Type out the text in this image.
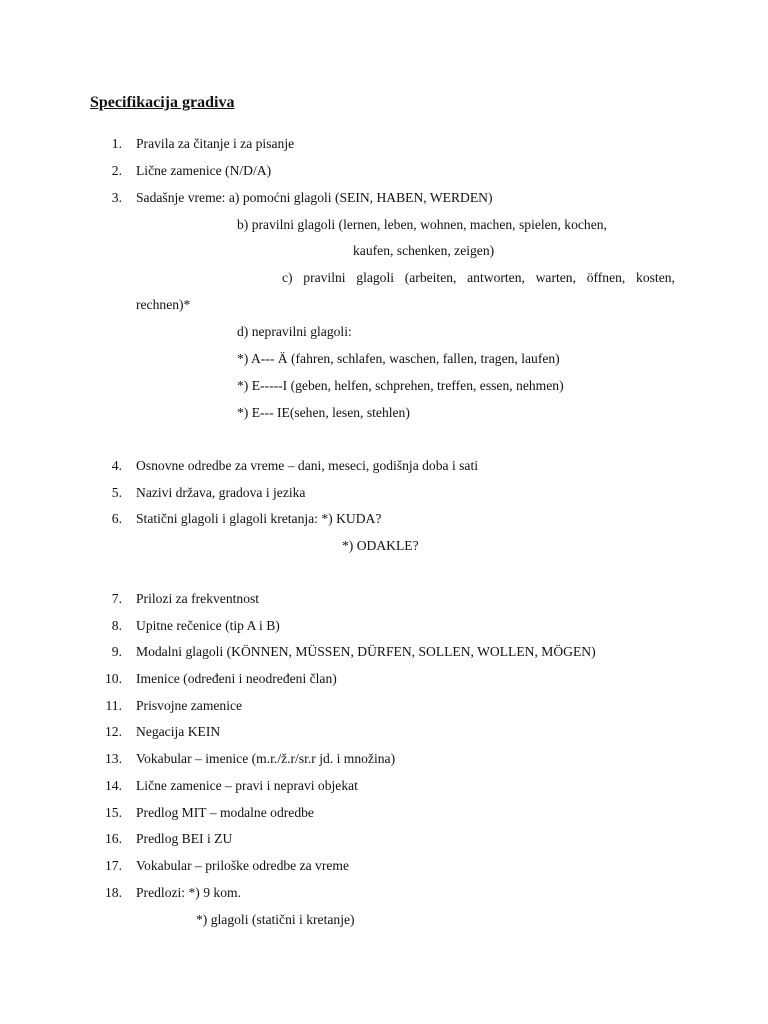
Specifikacija gradiva
1. Pravila za čitanje i za pisanje
2. Lične zamenice (N/D/A)
3. Sadašnje vreme: a) pomoćni glagoli (SEIN, HABEN, WERDEN)
b) pravilni glagoli (lernen, leben, wohnen, machen, spielen, kochen,
kaufen, schenken, zeigen)
c) pravilni glagoli (arbeiten, antworten, warten, öffnen, kosten,
rechnen)*
d) nepravilni glagoli:
*) A--- Ä (fahren, schlafen, waschen, fallen, tragen, laufen)
*) E-----I (geben, helfen, schprehen, treffen, essen, nehmen)
*) E--- IE(sehen, lesen, stehlen)
4. Osnovne odredbe za vreme – dani, meseci, godišnja doba i sati
5. Nazivi država, gradova i jezika
6. Statični glagoli i glagoli kretanja: *) KUDA?
*) ODAKLE?
7. Prilozi za frekventnost
8. Upitne rečenice (tip A i B)
9. Modalni glagoli (KÖNNEN, MÜSSEN, DÜRFEN, SOLLEN, WOLLEN, MÖGEN)
10. Imenice (određeni i neodređeni član)
11. Prisvojne zamenice
12. Negacija KEIN
13. Vokabular – imenice (m.r./ž.r/sr.r jd. i množina)
14. Lične zamenice – pravi i nepravi objekat
15. Predlog MIT – modalne odredbe
16. Predlog BEI i ZU
17. Vokabular – priloške odredbe za vreme
18. Predlozi: *) 9 kom.
*) glagoli (statični i kretanje)
